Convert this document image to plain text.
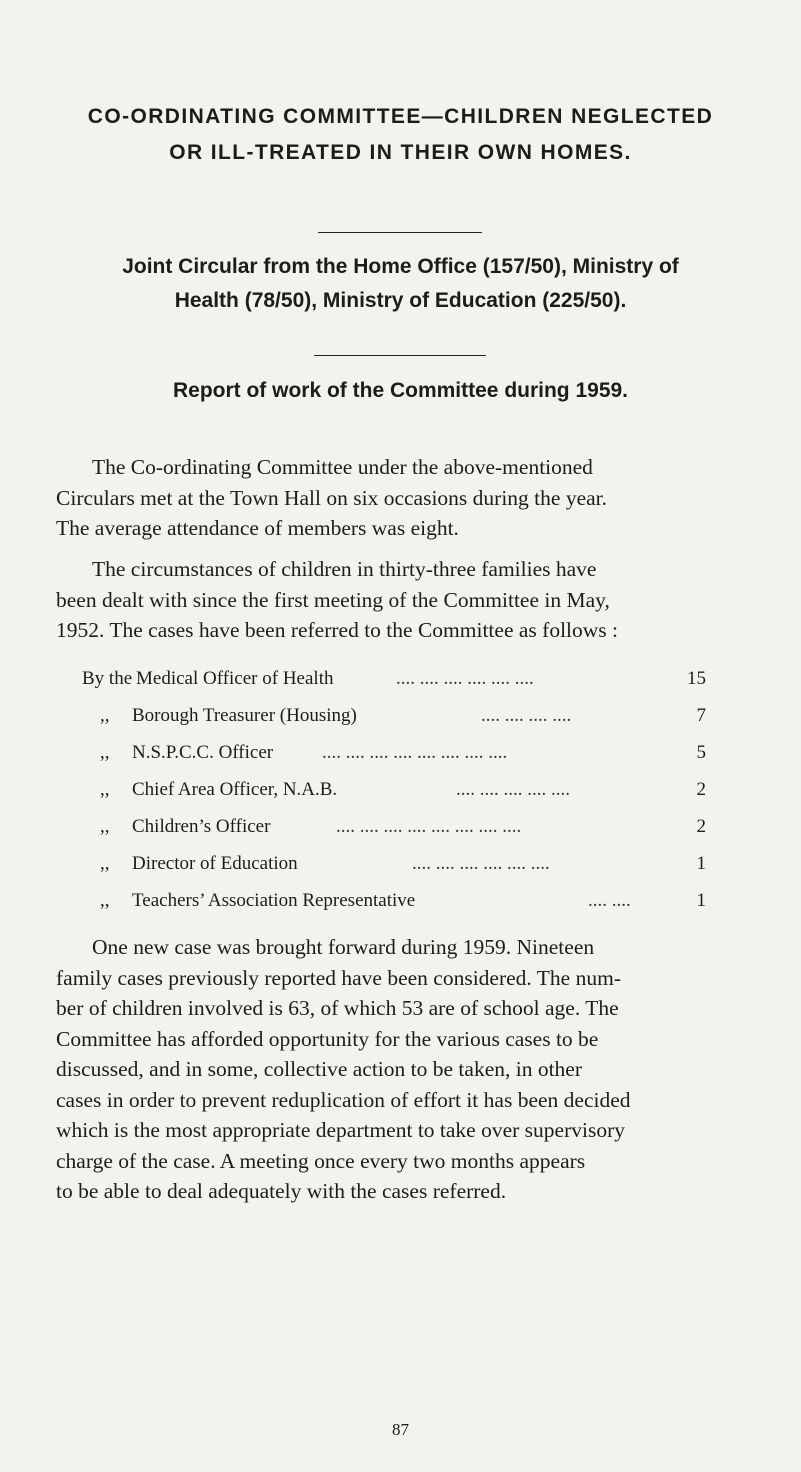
CO-ORDINATING COMMITTEE—CHILDREN NEGLECTED
OR ILL-TREATED IN THEIR OWN HOMES.
Joint Circular from the Home Office (157/50), Ministry of
Health (78/50), Ministry of Education (225/50).
Report of work of the Committee during 1959.
The Co-ordinating Committee under the above-mentioned
Circulars met at the Town Hall on six occasions during the year.
The average attendance of members was eight.
The circumstances of children in thirty-three families have
been dealt with since the first meeting of the Committee in May,
1952. The cases have been referred to the Committee as follows :
By the Medical Officer of Health	.... .... .... .... .... ....	15
,, Borough Treasurer (Housing)	.... .... .... ....	7
,, N.S.P.C.C. Officer	.... .... .... .... .... .... .... ....	5
,, Chief Area Officer, N.A.B.	.... .... .... .... ....	2
,, Children’s Officer	.... .... .... .... .... .... .... ....	2
,, Director of Education	.... .... .... .... .... ....	1
,, Teachers’ Association Representative	.... ....	1
One new case was brought forward during 1959. Nineteen
family cases previously reported have been considered. The num-
ber of children involved is 63, of which 53 are of school age. The
Committee has afforded opportunity for the various cases to be
discussed, and in some, collective action to be taken, in other
cases in order to prevent reduplication of effort it has been decided
which is the most appropriate department to take over supervisory
charge of the case. A meeting once every two months appears
to be able to deal adequately with the cases referred.
87
